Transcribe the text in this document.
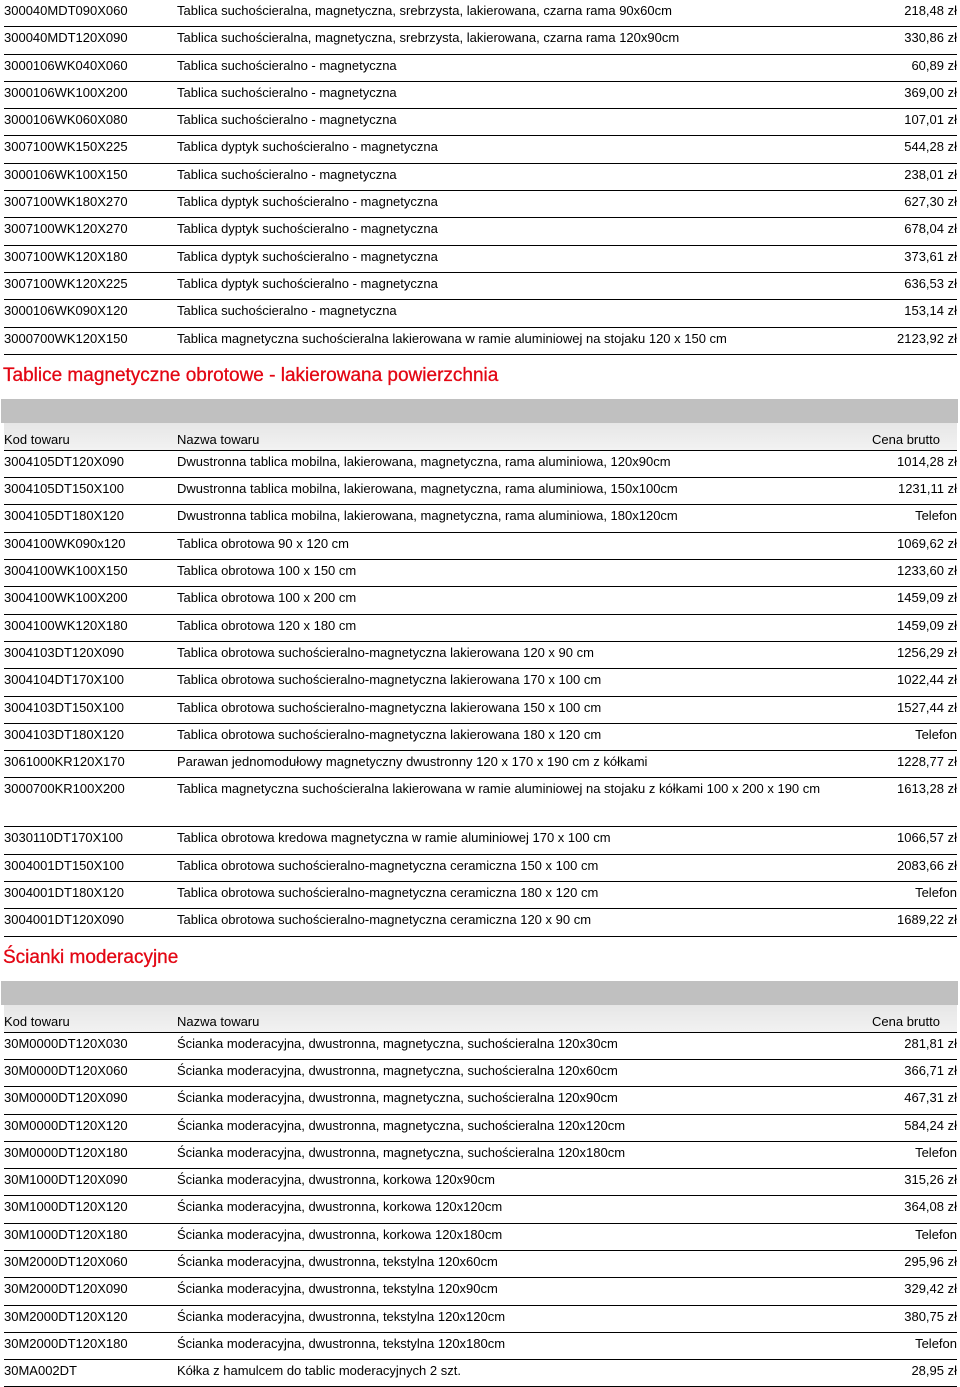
300040MDT090X060	Tablica suchościeralna, magnetyczna, srebrzysta, lakierowana, czarna rama 90x60cm	218,48 zł
300040MDT120X090	Tablica suchościeralna, magnetyczna, srebrzysta, lakierowana, czarna rama 120x90cm	330,86 zł
3000106WK040X060	Tablica suchościeralno - magnetyczna	60,89 zł
3000106WK100X200	Tablica suchościeralno - magnetyczna	369,00 zł
3000106WK060X080	Tablica suchościeralno - magnetyczna	107,01 zł
3007100WK150X225	Tablica dyptyk suchościeralno - magnetyczna	544,28 zł
3000106WK100X150	Tablica suchościeralno - magnetyczna	238,01 zł
3007100WK180X270	Tablica dyptyk suchościeralno - magnetyczna	627,30 zł
3007100WK120X270	Tablica dyptyk suchościeralno - magnetyczna	678,04 zł
3007100WK120X180	Tablica dyptyk suchościeralno - magnetyczna	373,61 zł
3007100WK120X225	Tablica dyptyk suchościeralno - magnetyczna	636,53 zł
3000106WK090X120	Tablica suchościeralno - magnetyczna	153,14 zł
3000700WK120X150	Tablica magnetyczna suchościeralna lakierowana w ramie aluminiowej na stojaku 120 x 150 cm	2123,92 zł
Tablice magnetyczne obrotowe - lakierowana powierzchnia
Kod towaru	Nazwa towaru	Cena brutto
3004105DT120X090	Dwustronna tablica mobilna, lakierowana, magnetyczna, rama aluminiowa, 120x90cm	1014,28 zł
3004105DT150X100	Dwustronna tablica mobilna, lakierowana, magnetyczna, rama aluminiowa, 150x100cm	1231,11 zł
3004105DT180X120	Dwustronna tablica mobilna, lakierowana, magnetyczna, rama aluminiowa, 180x120cm	Telefon
3004100WK090x120	Tablica obrotowa 90 x 120 cm	1069,62 zł
3004100WK100X150	Tablica obrotowa 100 x 150 cm	1233,60 zł
3004100WK100X200	Tablica obrotowa 100 x 200 cm	1459,09 zł
3004100WK120X180	Tablica obrotowa 120 x 180 cm	1459,09 zł
3004103DT120X090	Tablica obrotowa suchościeralno-magnetyczna lakierowana 120 x 90 cm	1256,29 zł
3004104DT170X100	Tablica obrotowa suchościeralno-magnetyczna lakierowana 170 x 100 cm	1022,44 zł
3004103DT150X100	Tablica obrotowa suchościeralno-magnetyczna lakierowana 150 x 100 cm	1527,44 zł
3004103DT180X120	Tablica obrotowa suchościeralno-magnetyczna lakierowana 180 x 120 cm	Telefon
3061000KR120X170	Parawan jednomodułowy magnetyczny dwustronny 120 x 170 x 190 cm z kółkami	1228,77 zł
3000700KR100X200	Tablica magnetyczna suchościeralna lakierowana w ramie aluminiowej na stojaku z kółkami 100 x 200 x 190 cm	1613,28 zł
3030110DT170X100	Tablica obrotowa kredowa magnetyczna w ramie aluminiowej 170 x 100 cm	1066,57 zł
3004001DT150X100	Tablica obrotowa suchościeralno-magnetyczna ceramiczna 150 x 100 cm	2083,66 zł
3004001DT180X120	Tablica obrotowa suchościeralno-magnetyczna ceramiczna 180 x 120 cm	Telefon
3004001DT120X090	Tablica obrotowa suchościeralno-magnetyczna ceramiczna 120 x 90 cm	1689,22 zł
Ścianki moderacyjne
Kod towaru	Nazwa towaru	Cena brutto
30M0000DT120X030	Ścianka moderacyjna, dwustronna, magnetyczna, suchościeralna 120x30cm	281,81 zł
30M0000DT120X060	Ścianka moderacyjna, dwustronna, magnetyczna, suchościeralna 120x60cm	366,71 zł
30M0000DT120X090	Ścianka moderacyjna, dwustronna, magnetyczna, suchościeralna 120x90cm	467,31 zł
30M0000DT120X120	Ścianka moderacyjna, dwustronna, magnetyczna, suchościeralna 120x120cm	584,24 zł
30M0000DT120X180	Ścianka moderacyjna, dwustronna, magnetyczna, suchościeralna 120x180cm	Telefon
30M1000DT120X090	Ścianka moderacyjna, dwustronna, korkowa 120x90cm	315,26 zł
30M1000DT120X120	Ścianka moderacyjna, dwustronna, korkowa 120x120cm	364,08 zł
30M1000DT120X180	Ścianka moderacyjna, dwustronna, korkowa 120x180cm	Telefon
30M2000DT120X060	Ścianka moderacyjna, dwustronna, tekstylna 120x60cm	295,96 zł
30M2000DT120X090	Ścianka moderacyjna, dwustronna, tekstylna 120x90cm	329,42 zł
30M2000DT120X120	Ścianka moderacyjna, dwustronna, tekstylna 120x120cm	380,75 zł
30M2000DT120X180	Ścianka moderacyjna, dwustronna, tekstylna 120x180cm	Telefon
30MA002DT	Kółka z hamulcem do tablic moderacyjnych 2 szt.	28,95 zł
